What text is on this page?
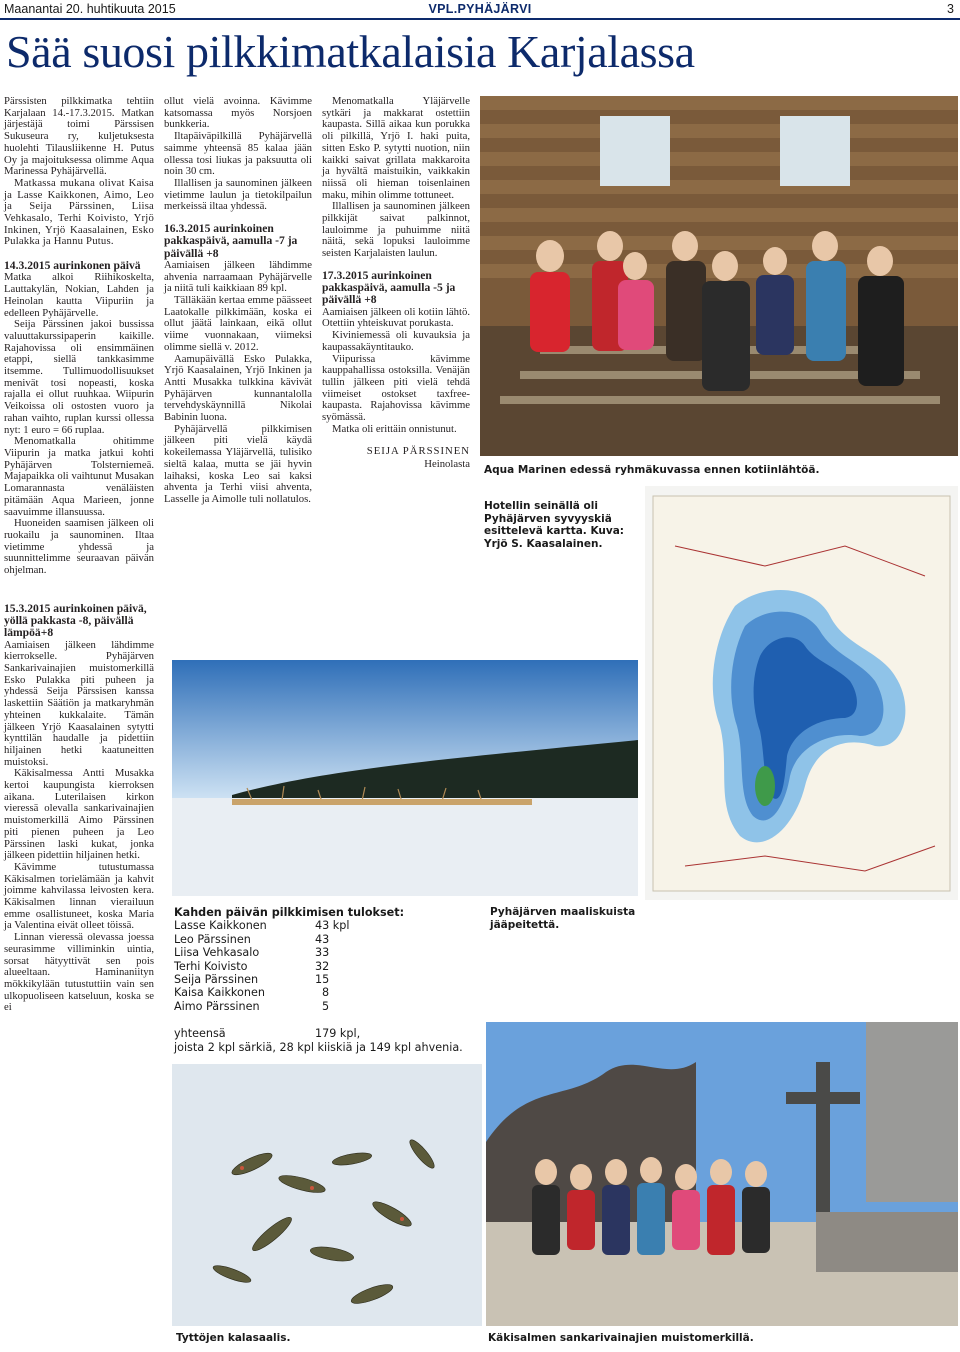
Maanantai 20. huhtikuuta 2015	VPL.PYHÄJÄRVI	3
Sää suosi pilkkimatkalaisia Karjalassa

Pärssisten pilkkimatka tehtiin Karjalaan 14.-17.3.2015. Matkan järjestäjä toimi Pärssisen Sukuseura ry, kuljetuksesta huolehti Tilausliikenne H. Putus Oy ja majoituksessa olimme Aqua Marinessa Pyhäjärvellä.

Matkassa mukana olivat Kaisa ja Lasse Kaikkonen, Aimo, Leo ja Seija Pärssinen, Liisa Vehkasalo, Terhi Koivisto, Yrjö Inkinen, Yrjö Kaasalainen, Esko Pulakka ja Hannu Putus.

14.3.2015 aurinkonen päivä

Matka alkoi Riihikoskelta, Lauttakylän, Nokian, Lahden ja Heinolan kautta Viipuriin ja edelleen Pyhäjärvelle.

Seija Pärssinen jakoi bussissa valuuttakurssipaperin kaikille. Rajahovissa oli ensimmäinen etappi, siellä tankkasimme itsemme. Tullimuodollisuukset menivät tosi nopeasti, koska rajalla ei ollut ruuhkaa. Wiipurin Veikoissa oli ostosten vuoro ja rahan vaihto, ruplan kurssi ollessa nyt: 1 euro = 66 ruplaa.

Menomatkalla ohitimme Viipurin ja matka jatkui kohti Pyhäjärven Tolsterniemeä. Majapaikka oli vaihtunut Musakan Lomarannasta venäläisten pitämään Aqua Marieen, jonne saavuimme illansuussa.

Huoneiden saamisen jälkeen oli ruokailu ja saunominen. Iltaa vietimme yhdessä ja suunnittelimme seuraavan päivän ohjelman.

15.3.2015 aurinkoinen päivä, yöllä pakkasta -8, päivällä lämpöä+8

Aamiaisen jälkeen lähdimme kierrokselle. Pyhäjärven Sankarivainajien muistomerkillä Esko Pulakka piti puheen ja yhdessä Seija Pärssisen kanssa laskettiin Säätiön ja matkaryhmän yhteinen kukkalaite. Tämän jälkeen Yrjö Kaasalainen sytytti kynttilän haudalle ja pidettiin hiljainen hetki kaatuneitten muistoksi.

Käkisalmessa Antti Musakka kertoi kaupungista kierroksen aikana. Luterilaisen kirkon vieressä olevalla sankarivainajien muistomerkillä Aimo Pärssinen piti pienen puheen ja Leo Pärssinen laski kukat, jonka jälkeen pidettiin hiljainen hetki.

Kävimme tutustumassa Käkisalmen torielämään ja kahvit joimme kahvilassa leivosten kera. Käkisalmen linnan vierailuun emme osallistuneet, koska Maria ja Valentina eivät olleet töissä.

Linnan vieressä olevassa joessa seurasimme villiminkin uintia, sorsat hätyyttivät sen pois alueeltaan. Haminaniityn mökkikylään tutustuttiin vain sen ulkopuoliseen katseluun, koska se ei

ollut vielä avoinna. Kävimme katsomassa myös Norsjoen bunkkeria.

Iltapäiväpilkillä Pyhäjärvellä saimme yhteensä 85 kalaa jään ollessa tosi liukas ja paksuutta oli noin 30 cm.

Illallisen ja saunominen jälkeen vietimme laulun ja tietokilpailun merkeissä iltaa yhdessä.

16.3.2015 aurinkoinen pakkaspäivä, aamulla -7 ja päivällä +8

Aamiaisen jälkeen lähdimme ahvenia narraamaan Pyhäjärvelle ja niitä tuli kaikkiaan 89 kpl.

Tälläkään kertaa emme päässeet Laatokalle pilkkimään, koska ei ollut jäätä lainkaan, eikä ollut viime vuonnakaan, viimeksi olimme siellä v. 2012.

Aamupäivällä Esko Pulakka, Yrjö Kaasalainen, Yrjö Inkinen ja Antti Musakka tulkkina kävivät Pyhäjärven kunnantalolla tervehdyskäynnillä Nikolai Babinin luona.

Pyhäjärvellä pilkkimisen jälkeen piti vielä käydä kokeilemassa Yläjärvellä, tulisiko sieltä kalaa, mutta se jäi hyvin laihaksi, koska Leo sai kaksi ahventa ja Terhi viisi ahventa, Lasselle ja Aimolle tuli nollatulos.

Menomatkalla Yläjärvelle sytkäri ja makkarat ostettiin kaupasta. Sillä aikaa kun porukka oli pilkillä, Yrjö I. haki puita, sitten Esko P. sytytti nuotion, niin kaikki saivat grillata makkaroita ja hyvältä maistuikin, vaikkakin niissä oli hieman toisenlainen maku, mihin olimme tottuneet.

Illallisen ja saunominen jälkeen pilkkijät saivat palkinnot, lauloimme ja puhuimme niitä näitä, sekä lopuksi lauloimme seisten Karjalaisten laulun.

17.3.2015 aurinkoinen pakkaspäivä, aamulla -5 ja päivällä +8

Aamiaisen jälkeen oli kotiin lähtö. Otettiin yhteiskuvat porukasta.

Kiviniemessä oli kuvauksia ja kaupassakäyntitauko.

Viipurissa kävimme kauppahallissa ostoksilla. Venäjän tullin jälkeen piti vielä tehdä viimeiset ostokset taxfree-kaupasta. Rajahovissa kävimme syömässä.

Matka oli erittäin onnistunut.

SEIJA PÄRSSINEN
Heinolasta
Aqua Marinen edessä ryhmäkuvassa ennen kotiinlähtöä.
Hotellin seinällä oli Pyhäjärven syvyyskiä esittelevä kartta. Kuva: Yrjö S. Kaasalainen.
Pyhäjärven maaliskuista jääpeitettä.
Kahden päivän pilkkimisen tulokset:
Lasse Kaikkonen	43 kpl
Leo Pärssinen	43
Liisa Vehkasalo	33
Terhi Koivisto	32
Seija Pärssinen	15
Kaisa Kaikkonen	8
Aimo Pärssinen	5
yhteensä	179 kpl,
joista 2 kpl särkiä, 28 kpl kiiskiä ja 149 kpl ahvenia.
Tyttöjen kalasaalis.	Käkisalmen sankarivainajien muistomerkillä.
